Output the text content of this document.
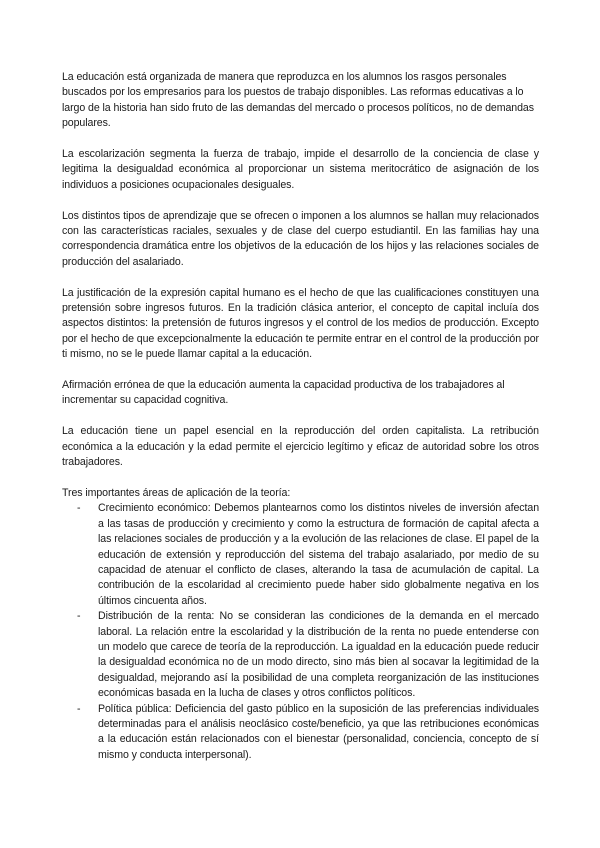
La educación está organizada de manera que reproduzca en los alumnos los rasgos personales buscados por los empresarios para los puestos de trabajo disponibles. Las reformas educativas a lo largo de la historia han sido fruto de las demandas del mercado o procesos políticos, no de demandas populares.

La escolarización segmenta la fuerza de trabajo, impide el desarrollo de la conciencia de clase y legitima la desigualdad económica al proporcionar un sistema meritocrático de asignación de los individuos a posiciones ocupacionales desiguales.

Los distintos tipos de aprendizaje que se ofrecen o imponen a los alumnos se hallan muy relacionados con las características raciales, sexuales y de clase del cuerpo estudiantil. En las familias hay una correspondencia dramática entre los objetivos de la educación de los hijos y las relaciones sociales de producción del asalariado.

La justificación de la expresión capital humano es el hecho de que las cualificaciones constituyen una pretensión sobre ingresos futuros. En la tradición clásica anterior, el concepto de capital incluía dos aspectos distintos: la pretensión de futuros ingresos y el control de los medios de producción. Excepto por el hecho de que excepcionalmente la educación te permite entrar en el control de la producción por ti mismo, no se le puede llamar capital a la educación.

Afirmación errónea de que la educación aumenta la capacidad productiva de los trabajadores al incrementar su capacidad cognitiva.

La educación tiene un papel esencial en la reproducción del orden capitalista. La retribución económica a la educación y la edad permite el ejercicio legítimo y eficaz de autoridad sobre los otros trabajadores.

Tres importantes áreas de aplicación de la teoría:

- Crecimiento económico: Debemos plantearnos como los distintos niveles de inversión afectan a las tasas de producción y crecimiento y como la estructura de formación de capital afecta a las relaciones sociales de producción y a la evolución de las relaciones de clase. El papel de la educación de extensión y reproducción del sistema del trabajo asalariado, por medio de su capacidad de atenuar el conflicto de clases, alterando la tasa de acumulación de capital. La contribución de la escolaridad al crecimiento puede haber sido globalmente negativa en los últimos cincuenta años.
- Distribución de la renta: No se consideran las condiciones de la demanda en el mercado laboral. La relación entre la escolaridad y la distribución de la renta no puede entenderse con un modelo que carece de teoría de la reproducción. La igualdad en la educación puede reducir la desigualdad económica no de un modo directo, sino más bien al socavar la legitimidad de la desigualdad, mejorando así la posibilidad de una completa reorganización de las instituciones económicas basada en la lucha de clases y otros conflictos políticos.
- Política pública: Deficiencia del gasto público en la suposición de las preferencias individuales determinadas para el análisis neoclásico coste/beneficio, ya que las retribuciones económicas a la educación están relacionados con el bienestar (personalidad, conciencia, concepto de sí mismo y conducta interpersonal).
